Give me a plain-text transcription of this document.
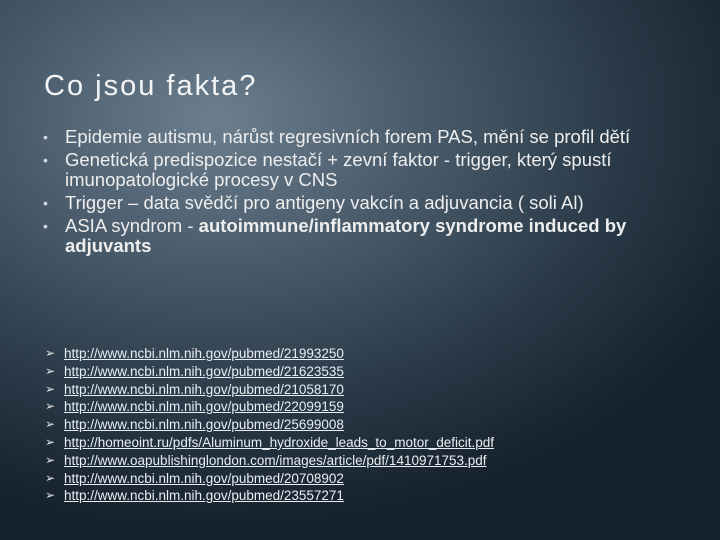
Co jsou fakta?
• Epidemie autismu, nárůst regresivních forem PAS, mění se profil dětí
• Genetická predispozice nestačí + zevní faktor - trigger, který spustí imunopatologické procesy v CNS
• Trigger – data svědčí pro antigeny vakcín a adjuvancia ( soli Al)
• ASIA syndrom - autoimmune/inflammatory syndrome induced by adjuvants
➢ http://www.ncbi.nlm.nih.gov/pubmed/21993250
➢ http://www.ncbi.nlm.nih.gov/pubmed/21623535
➢ http://www.ncbi.nlm.nih.gov/pubmed/21058170
➢ http://www.ncbi.nlm.nih.gov/pubmed/22099159
➢ http://www.ncbi.nlm.nih.gov/pubmed/25699008
➢ http://homeoint.ru/pdfs/Aluminum_hydroxide_leads_to_motor_deficit.pdf
➢ http://www.oapublishinglondon.com/images/article/pdf/1410971753.pdf
➢ http://www.ncbi.nlm.nih.gov/pubmed/20708902
➢ http://www.ncbi.nlm.nih.gov/pubmed/23557271
